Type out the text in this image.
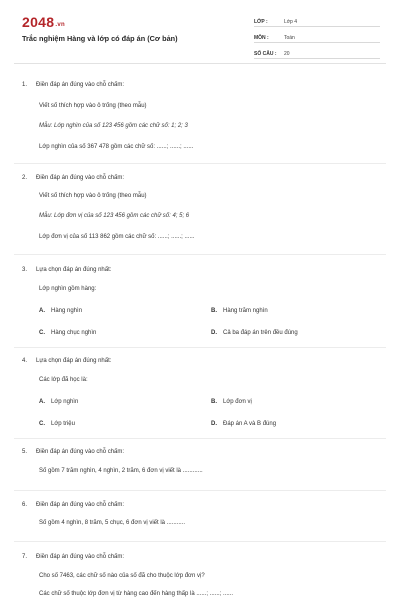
2048.vn
Trắc nghiệm Hàng và lớp có đáp án (Cơ bản)
LỚP :	Lớp 4
MÔN :	Toán
SỐ CÂU :	20
1.	Điền đáp án đúng vào chỗ chấm:
Viết số thích hợp vào ô trống (theo mẫu)
Mẫu: Lớp nghìn của số 123 456 gồm các chữ số: 1; 2; 3
Lớp nghìn của số 367 478 gồm các chữ số: ......; ......; ......
2.	Điền đáp án đúng vào chỗ chấm:
Viết số thích hợp vào ô trống (theo mẫu)
Mẫu: Lớp đơn vị của số 123 456 gồm các chữ số: 4; 5; 6
Lớp đơn vị của số 113 862 gồm các chữ số: ......; ......; ......
3.	Lựa chọn đáp án đúng nhất:
Lớp nghìn gồm hàng:
A.	Hàng nghìn	B.	Hàng trăm nghìn
C.	Hàng chục nghìn	D.	Cả ba đáp án trên đều đúng
4.	Lựa chọn đáp án đúng nhất:
Các lớp đã học là:
A.	Lớp nghìn	B.	Lớp đơn vị
C.	Lớp triệu	D.	Đáp án A và B đúng
5.	Điền đáp án đúng vào chỗ chấm:
Số gồm 7 trăm nghìn, 4 nghìn, 2 trăm, 6 đơn vị viết là ............
6.	Điền đáp án đúng vào chỗ chấm:
Số gồm 4 nghìn, 8 trăm, 5 chục, 6 đơn vị viết là ...........
7.	Điền đáp án đúng vào chỗ chấm:
Cho số 7463, các chữ số nào của số đã cho thuộc lớp đơn vị?
Các chữ số thuộc lớp đơn vị từ hàng cao đến hàng thấp là ......; ......; ......
